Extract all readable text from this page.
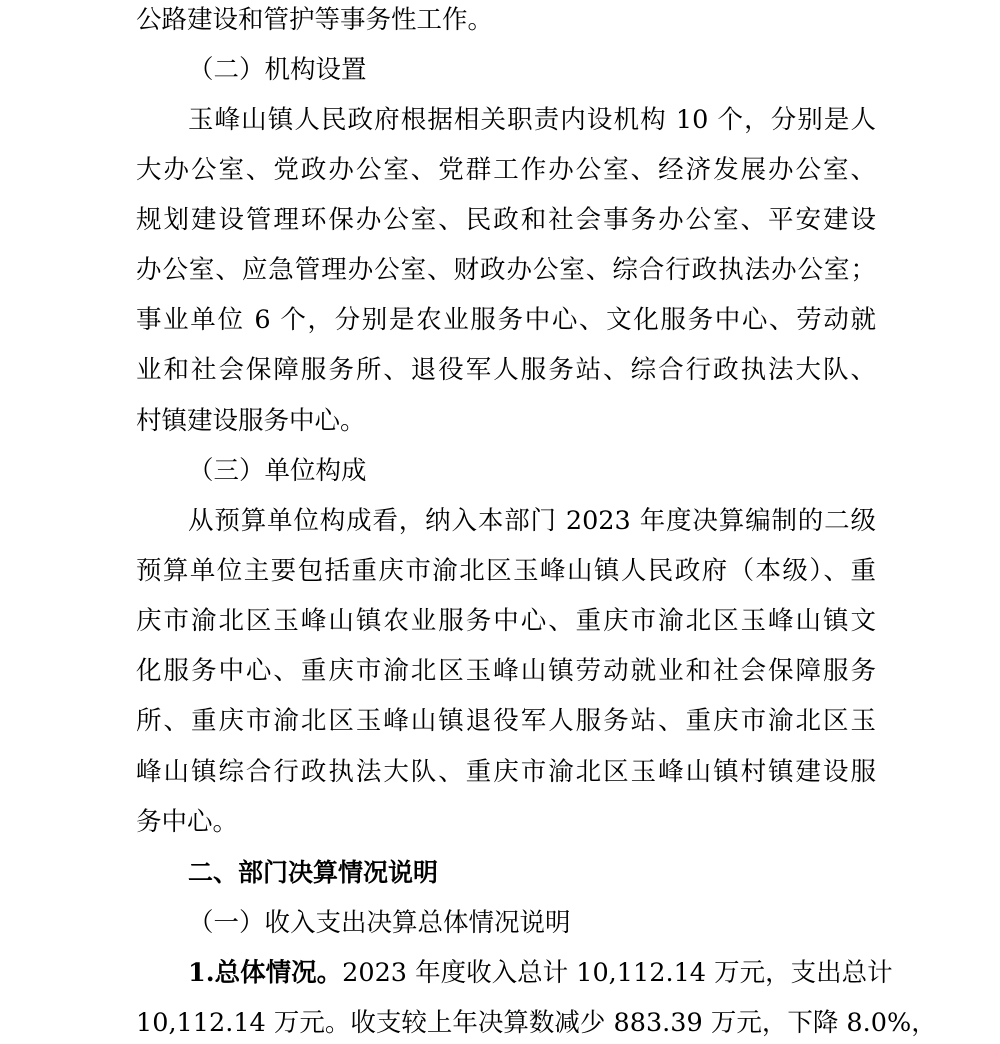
公路建设和管护等事务性工作。
（二）机构设置
玉峰山镇人民政府根据相关职责内设机构 10 个，分别是人
大办公室、党政办公室、党群工作办公室、经济发展办公室、
规划建设管理环保办公室、民政和社会事务办公室、平安建设
办公室、应急管理办公室、财政办公室、综合行政执法办公室；
事业单位 6 个，分别是农业服务中心、文化服务中心、劳动就
业和社会保障服务所、退役军人服务站、综合行政执法大队、
村镇建设服务中心。
（三）单位构成
从预算单位构成看，纳入本部门 2023 年度决算编制的二级
预算单位主要包括重庆市渝北区玉峰山镇人民政府（本级）、重
庆市渝北区玉峰山镇农业服务中心、重庆市渝北区玉峰山镇文
化服务中心、重庆市渝北区玉峰山镇劳动就业和社会保障服务
所、重庆市渝北区玉峰山镇退役军人服务站、重庆市渝北区玉
峰山镇综合行政执法大队、重庆市渝北区玉峰山镇村镇建设服
务中心。
二、部门决算情况说明
（一）收入支出决算总体情况说明
1.总体情况。2023 年度收入总计 10,112.14 万元，支出总计
10,112.14 万元。收支较上年决算数减少 883.39 万元，下降 8.0%，
